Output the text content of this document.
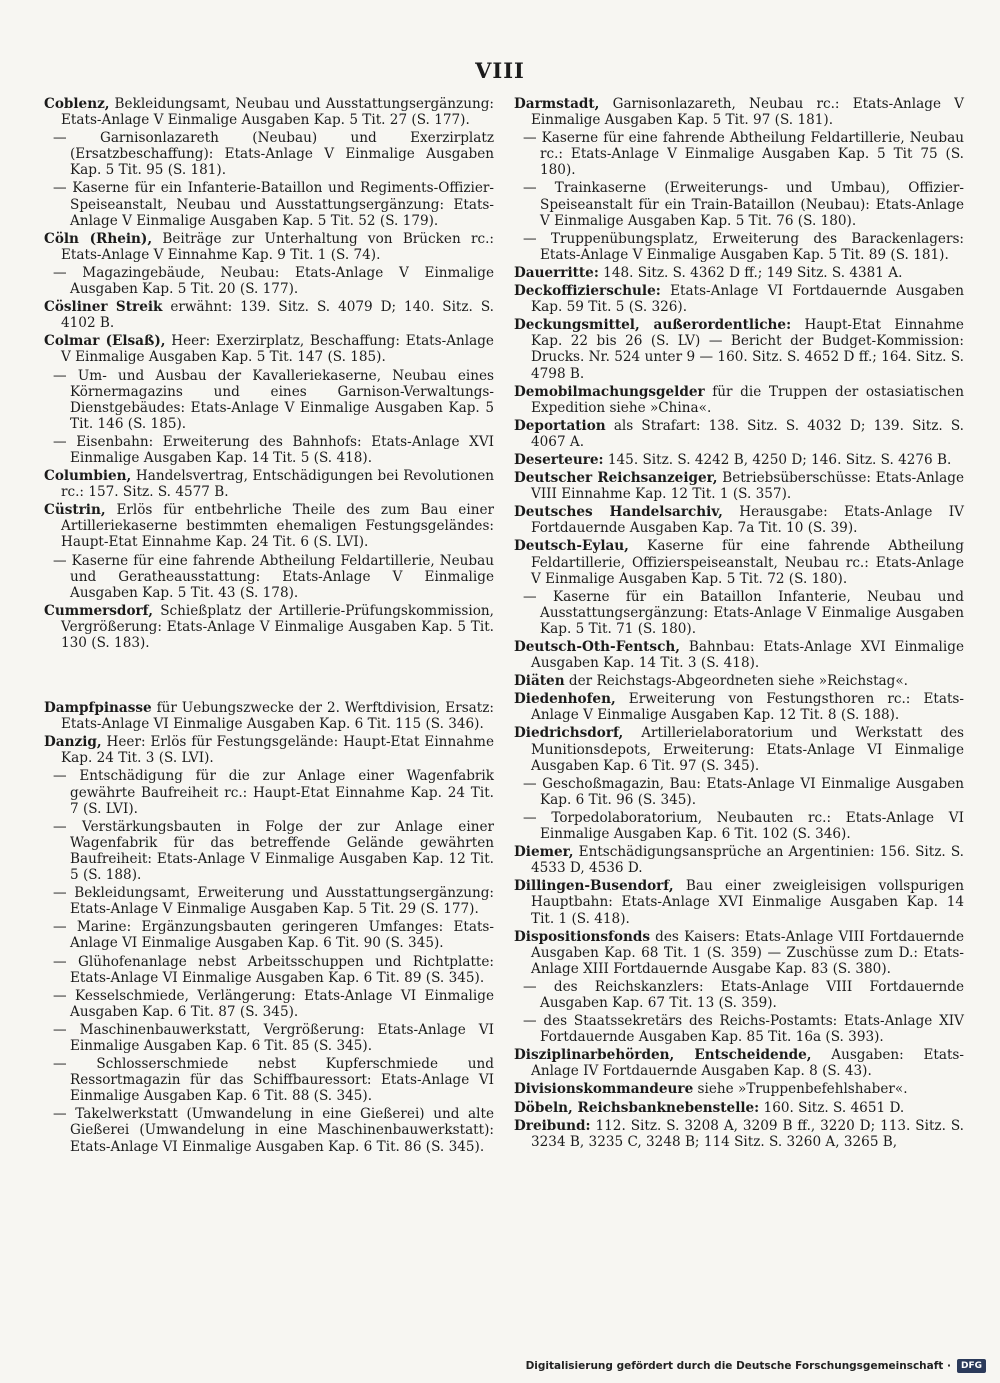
VIII

Coblenz, Bekleidungsamt, Neubau und Ausstattungsergänzung: Etats-Anlage V Einmalige Ausgaben Kap. 5 Tit. 27 (S. 177).

— Garnisonlazareth (Neubau) und Exerzirplatz (Ersatzbeschaffung): Etats-Anlage V Einmalige Ausgaben Kap. 5 Tit. 95 (S. 181).

— Kaserne für ein Infanterie-Bataillon und Regiments-Offizier-Speiseanstalt, Neubau und Ausstattungsergänzung: Etats-Anlage V Einmalige Ausgaben Kap. 5 Tit. 52 (S. 179).

Cöln (Rhein), Beiträge zur Unterhaltung von Brücken rc.: Etats-Anlage V Einnahme Kap. 9 Tit. 1 (S. 74).

— Magazingebäude, Neubau: Etats-Anlage V Einmalige Ausgaben Kap. 5 Tit. 20 (S. 177).

Cösliner Streik erwähnt: 139. Sitz. S. 4079 D; 140. Sitz. S. 4102 B.

Colmar (Elsaß), Heer: Exerzirplatz, Beschaffung: Etats-Anlage V Einmalige Ausgaben Kap. 5 Tit. 147 (S. 185).

— Um- und Ausbau der Kavalleriekaserne, Neubau eines Körnermagazins und eines Garnison-Verwaltungs-Dienstgebäudes: Etats-Anlage V Einmalige Ausgaben Kap. 5 Tit. 146 (S. 185).

— Eisenbahn: Erweiterung des Bahnhofs: Etats-Anlage XVI Einmalige Ausgaben Kap. 14 Tit. 5 (S. 418).

Columbien, Handelsvertrag, Entschädigungen bei Revolutionen rc.: 157. Sitz. S. 4577 B.

Cüstrin, Erlös für entbehrliche Theile des zum Bau einer Artilleriekaserne bestimmten ehemaligen Festungsgeländes: Haupt-Etat Einnahme Kap. 24 Tit. 6 (S. LVI).

— Kaserne für eine fahrende Abtheilung Feldartillerie, Neubau und Geratheausstattung: Etats-Anlage V Einmalige Ausgaben Kap. 5 Tit. 43 (S. 178).

Cummersdorf, Schießplatz der Artillerie-Prüfungskommission, Vergrößerung: Etats-Anlage V Einmalige Ausgaben Kap. 5 Tit. 130 (S. 183).

Dampfpinasse für Uebungszwecke der 2. Werftdivision, Ersatz: Etats-Anlage VI Einmalige Ausgaben Kap. 6 Tit. 115 (S. 346).

Danzig, Heer: Erlös für Festungsgelände: Haupt-Etat Einnahme Kap. 24 Tit. 3 (S. LVI).

— Entschädigung für die zur Anlage einer Wagenfabrik gewährte Baufreiheit rc.: Haupt-Etat Einnahme Kap. 24 Tit. 7 (S. LVI).

— Verstärkungsbauten in Folge der zur Anlage einer Wagenfabrik für das betreffende Gelände gewährten Baufreiheit: Etats-Anlage V Einmalige Ausgaben Kap. 12 Tit. 5 (S. 188).

— Bekleidungsamt, Erweiterung und Ausstattungsergänzung: Etats-Anlage V Einmalige Ausgaben Kap. 5 Tit. 29 (S. 177).

— Marine: Ergänzungsbauten geringeren Umfanges: Etats-Anlage VI Einmalige Ausgaben Kap. 6 Tit. 90 (S. 345).

— Glühofenanlage nebst Arbeitsschuppen und Richtplatte: Etats-Anlage VI Einmalige Ausgaben Kap. 6 Tit. 89 (S. 345).

— Kesselschmiede, Verlängerung: Etats-Anlage VI Einmalige Ausgaben Kap. 6 Tit. 87 (S. 345).

— Maschinenbauwerkstatt, Vergrößerung: Etats-Anlage VI Einmalige Ausgaben Kap. 6 Tit. 85 (S. 345).

— Schlosserschmiede nebst Kupferschmiede und Ressortmagazin für das Schiffbauressort: Etats-Anlage VI Einmalige Ausgaben Kap. 6 Tit. 88 (S. 345).

— Takelwerkstatt (Umwandelung in eine Gießerei) und alte Gießerei (Umwandelung in eine Maschinenbauwerkstatt): Etats-Anlage VI Einmalige Ausgaben Kap. 6 Tit. 86 (S. 345).

Darmstadt, Garnisonlazareth, Neubau rc.: Etats-Anlage V Einmalige Ausgaben Kap. 5 Tit. 97 (S. 181).

— Kaserne für eine fahrende Abtheilung Feldartillerie, Neubau rc.: Etats-Anlage V Einmalige Ausgaben Kap. 5 Tit 75 (S. 180).

— Trainkaserne (Erweiterungs- und Umbau), Offizier-Speiseanstalt für ein Train-Bataillon (Neubau): Etats-Anlage V Einmalige Ausgaben Kap. 5 Tit. 76 (S. 180).

— Truppenübungsplatz, Erweiterung des Barackenlagers: Etats-Anlage V Einmalige Ausgaben Kap. 5 Tit. 89 (S. 181).

Dauerritte: 148. Sitz. S. 4362 D ff.; 149 Sitz. S. 4381 A.

Deckoffizierschule: Etats-Anlage VI Fortdauernde Ausgaben Kap. 59 Tit. 5 (S. 326).

Deckungsmittel, außerordentliche: Haupt-Etat Einnahme Kap. 22 bis 26 (S. LV) — Bericht der Budget-Kommission: Drucks. Nr. 524 unter 9 — 160. Sitz. S. 4652 D ff.; 164. Sitz. S. 4798 B.

Demobilmachungsgelder für die Truppen der ostasiatischen Expedition siehe »China«.

Deportation als Strafart: 138. Sitz. S. 4032 D; 139. Sitz. S. 4067 A.

Deserteure: 145. Sitz. S. 4242 B, 4250 D; 146. Sitz. S. 4276 B.

Deutscher Reichsanzeiger, Betriebsüberschüsse: Etats-Anlage VIII Einnahme Kap. 12 Tit. 1 (S. 357).

Deutsches Handelsarchiv, Herausgabe: Etats-Anlage IV Fortdauernde Ausgaben Kap. 7a Tit. 10 (S. 39).

Deutsch-Eylau, Kaserne für eine fahrende Abtheilung Feldartillerie, Offizierspeiseanstalt, Neubau rc.: Etats-Anlage V Einmalige Ausgaben Kap. 5 Tit. 72 (S. 180).

— Kaserne für ein Bataillon Infanterie, Neubau und Ausstattungsergänzung: Etats-Anlage V Einmalige Ausgaben Kap. 5 Tit. 71 (S. 180).

Deutsch-Oth-Fentsch, Bahnbau: Etats-Anlage XVI Einmalige Ausgaben Kap. 14 Tit. 3 (S. 418).

Diäten der Reichstags-Abgeordneten siehe »Reichstag«.

Diedenhofen, Erweiterung von Festungsthoren rc.: Etats-Anlage V Einmalige Ausgaben Kap. 12 Tit. 8 (S. 188).

Diedrichsdorf, Artillerielaboratorium und Werkstatt des Munitionsdepots, Erweiterung: Etats-Anlage VI Einmalige Ausgaben Kap. 6 Tit. 97 (S. 345).

— Geschoßmagazin, Bau: Etats-Anlage VI Einmalige Ausgaben Kap. 6 Tit. 96 (S. 345).

— Torpedolaboratorium, Neubauten rc.: Etats-Anlage VI Einmalige Ausgaben Kap. 6 Tit. 102 (S. 346).

Diemer, Entschädigungsansprüche an Argentinien: 156. Sitz. S. 4533 D, 4536 D.

Dillingen-Busendorf, Bau einer zweigleisigen vollspurigen Hauptbahn: Etats-Anlage XVI Einmalige Ausgaben Kap. 14 Tit. 1 (S. 418).

Dispositionsfonds des Kaisers: Etats-Anlage VIII Fortdauernde Ausgaben Kap. 68 Tit. 1 (S. 359) — Zuschüsse zum D.: Etats-Anlage XIII Fortdauernde Ausgabe Kap. 83 (S. 380).

— des Reichskanzlers: Etats-Anlage VIII Fortdauernde Ausgaben Kap. 67 Tit. 13 (S. 359).

— des Staatssekretärs des Reichs-Postamts: Etats-Anlage XIV Fortdauernde Ausgaben Kap. 85 Tit. 16a (S. 393).

Disziplinarbehörden, Entscheidende, Ausgaben: Etats-Anlage IV Fortdauernde Ausgaben Kap. 8 (S. 43).

Divisionskommandeure siehe »Truppenbefehlshaber«.

Döbeln, Reichsbanknebenstelle: 160. Sitz. S. 4651 D.

Dreibund: 112. Sitz. S. 3208 A, 3209 B ff., 3220 D; 113. Sitz. S. 3234 B, 3235 C, 3248 B; 114 Sitz. S. 3260 A, 3265 B,

Digitalisierung gefördert durch die Deutsche Forschungsgemeinschaft ·	DFG
